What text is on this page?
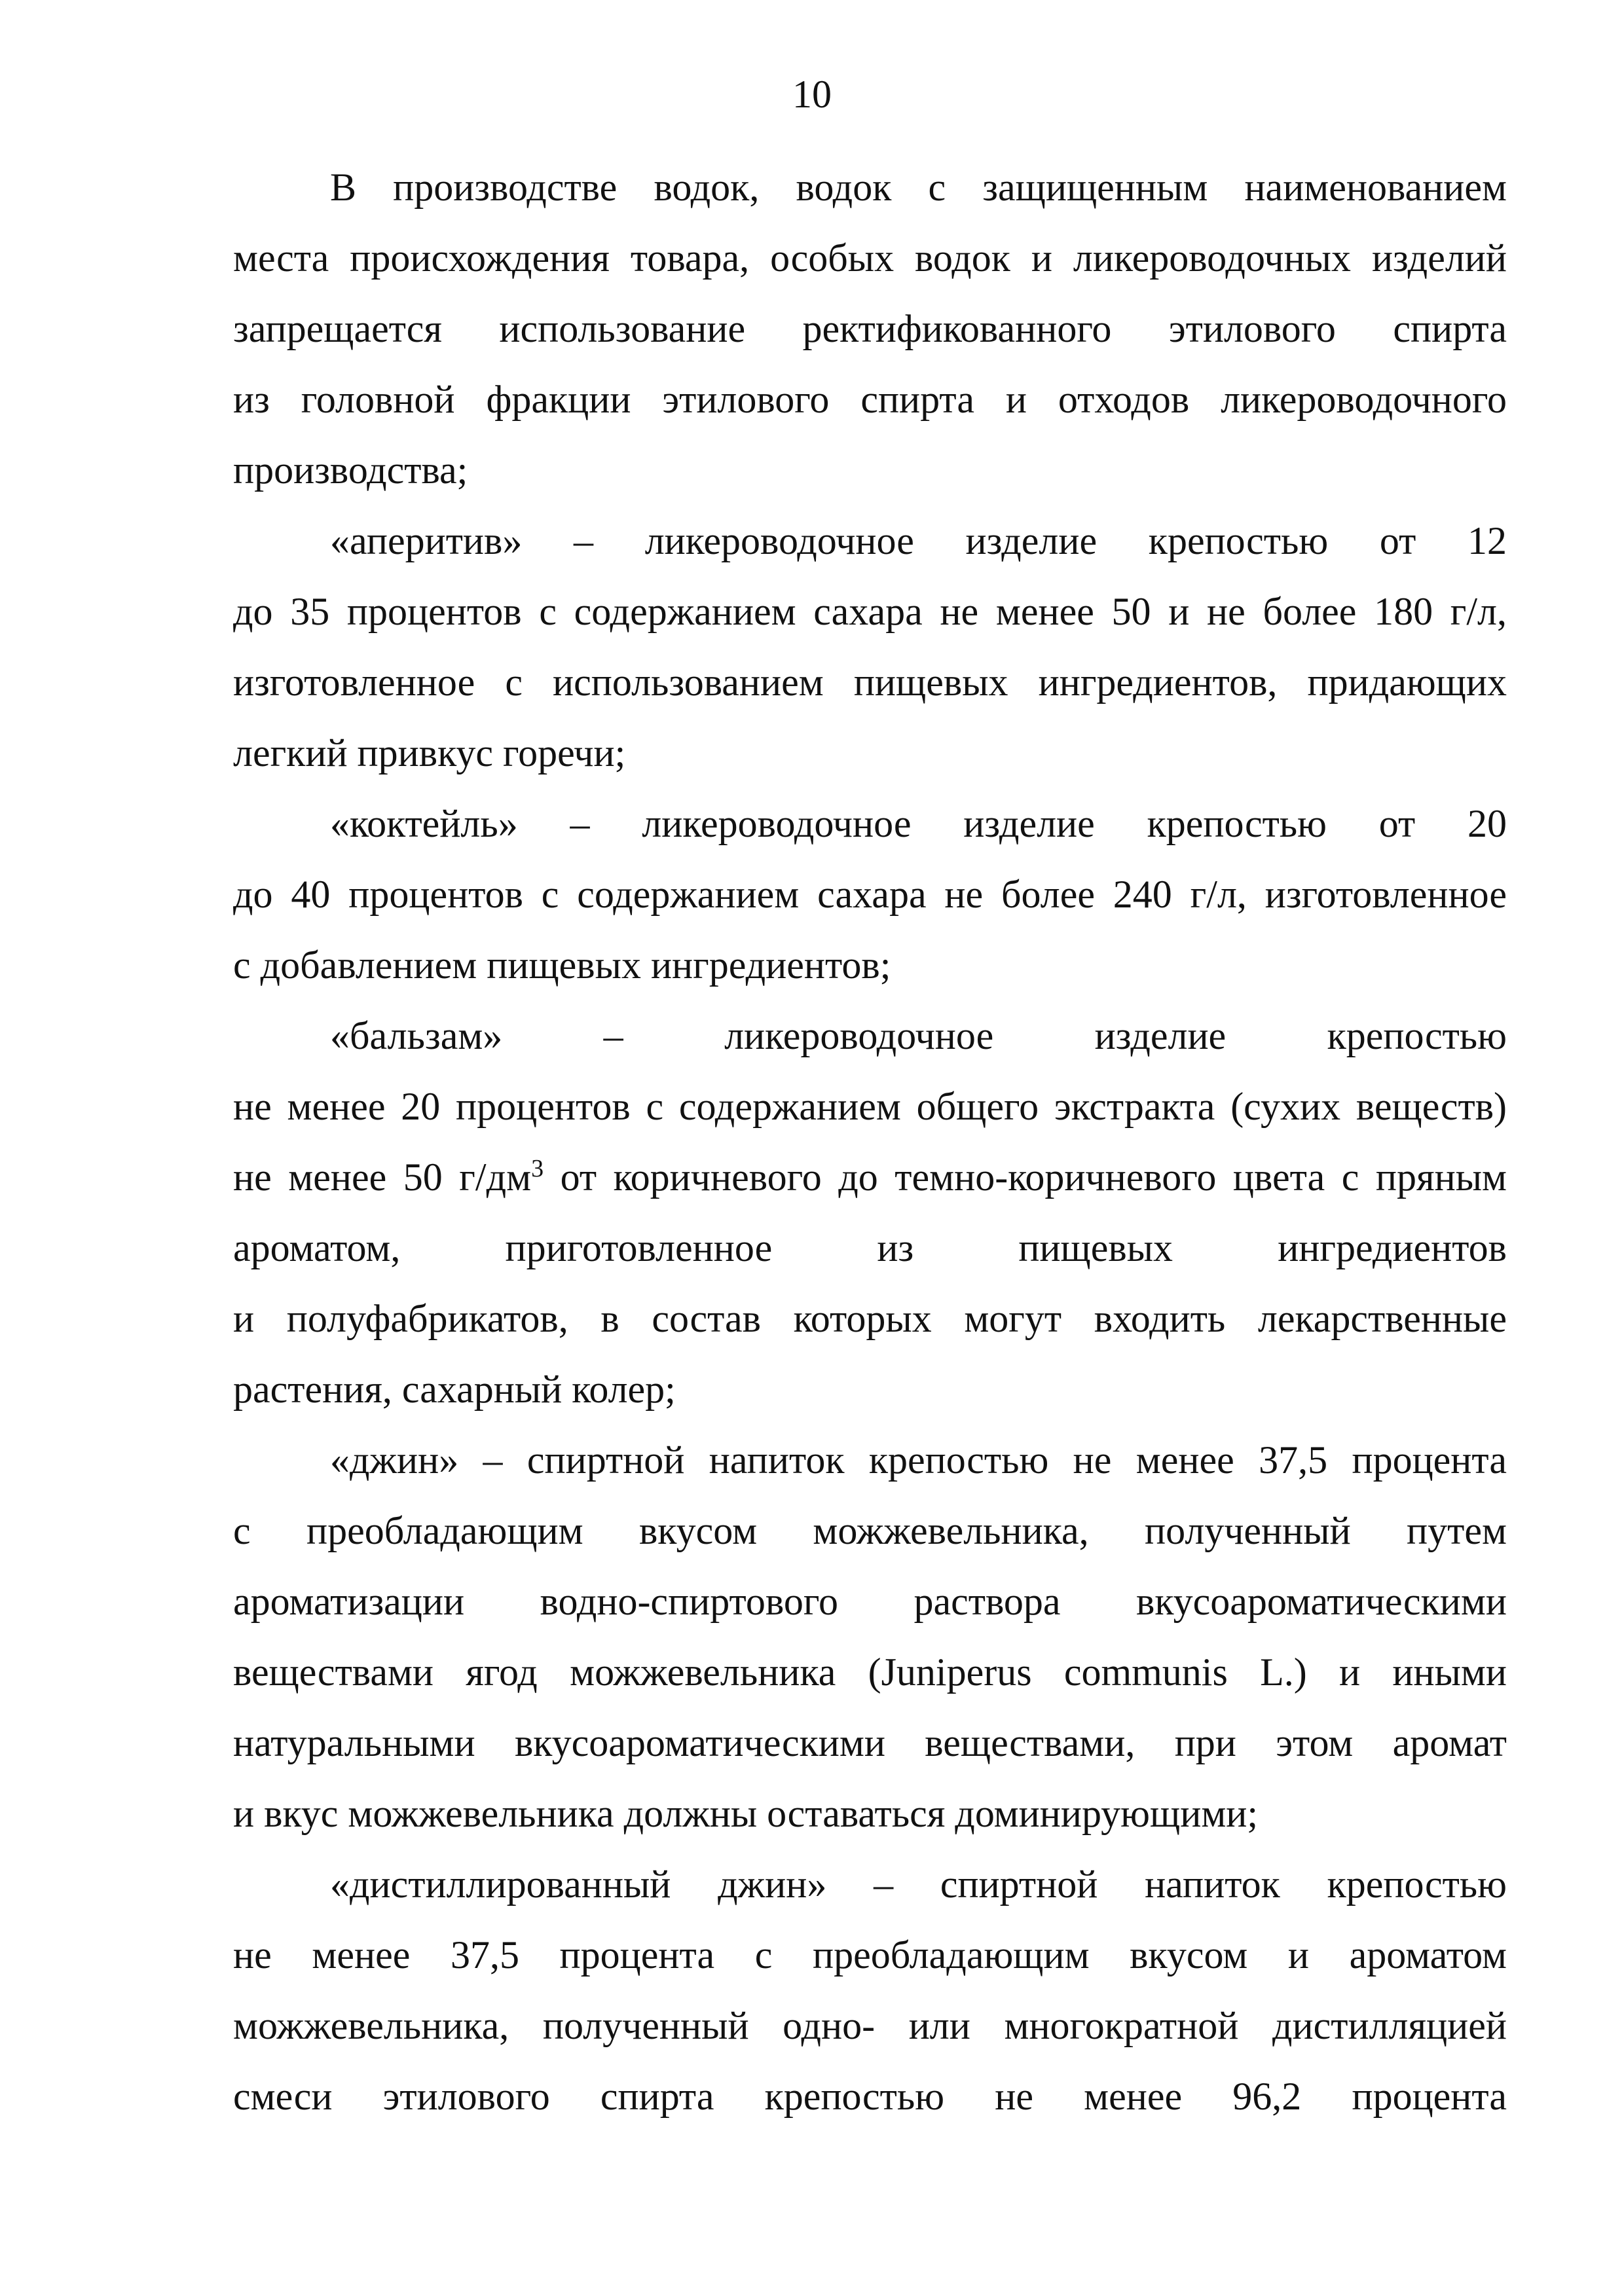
10
В производстве водок, водок с защищенным наименованием
места происхождения товара, особых водок и ликероводочных изделий
запрещается использование ректификованного этилового спирта
из головной фракции этилового спирта и отходов ликероводочного
производства;
«аперитив» – ликероводочное изделие крепостью от 12
до 35 процентов с содержанием сахара не менее 50 и не более 180 г/л,
изготовленное с использованием пищевых ингредиентов, придающих
легкий привкус горечи;
«коктейль» – ликероводочное изделие крепостью от 20
до 40 процентов с содержанием сахара не более 240 г/л, изготовленное
с добавлением пищевых ингредиентов;
«бальзам» – ликероводочное изделие крепостью
не менее 20 процентов с содержанием общего экстракта (сухих веществ)
не менее 50 $г/дм^3$ от коричневого до темно-коричневого цвета с пряным
ароматом, приготовленное из пищевых ингредиентов
и полуфабрикатов, в состав которых могут входить лекарственные
растения, сахарный колер;
«джин» – спиртной напиток крепостью не менее 37,5 процента
с преобладающим вкусом можжевельника, полученный путем
ароматизации водно-спиртового раствора вкусоароматическими
веществами ягод можжевельника (Juniperus communis L.) и иными
натуральными вкусоароматическими веществами, при этом аромат
и вкус можжевельника должны оставаться доминирующими;
«дистиллированный джин» – спиртной напиток крепостью
не менее 37,5 процента с преобладающим вкусом и ароматом
можжевельника, полученный одно- или многократной дистилляцией
смеси этилового спирта крепостью не менее 96,2 процента
